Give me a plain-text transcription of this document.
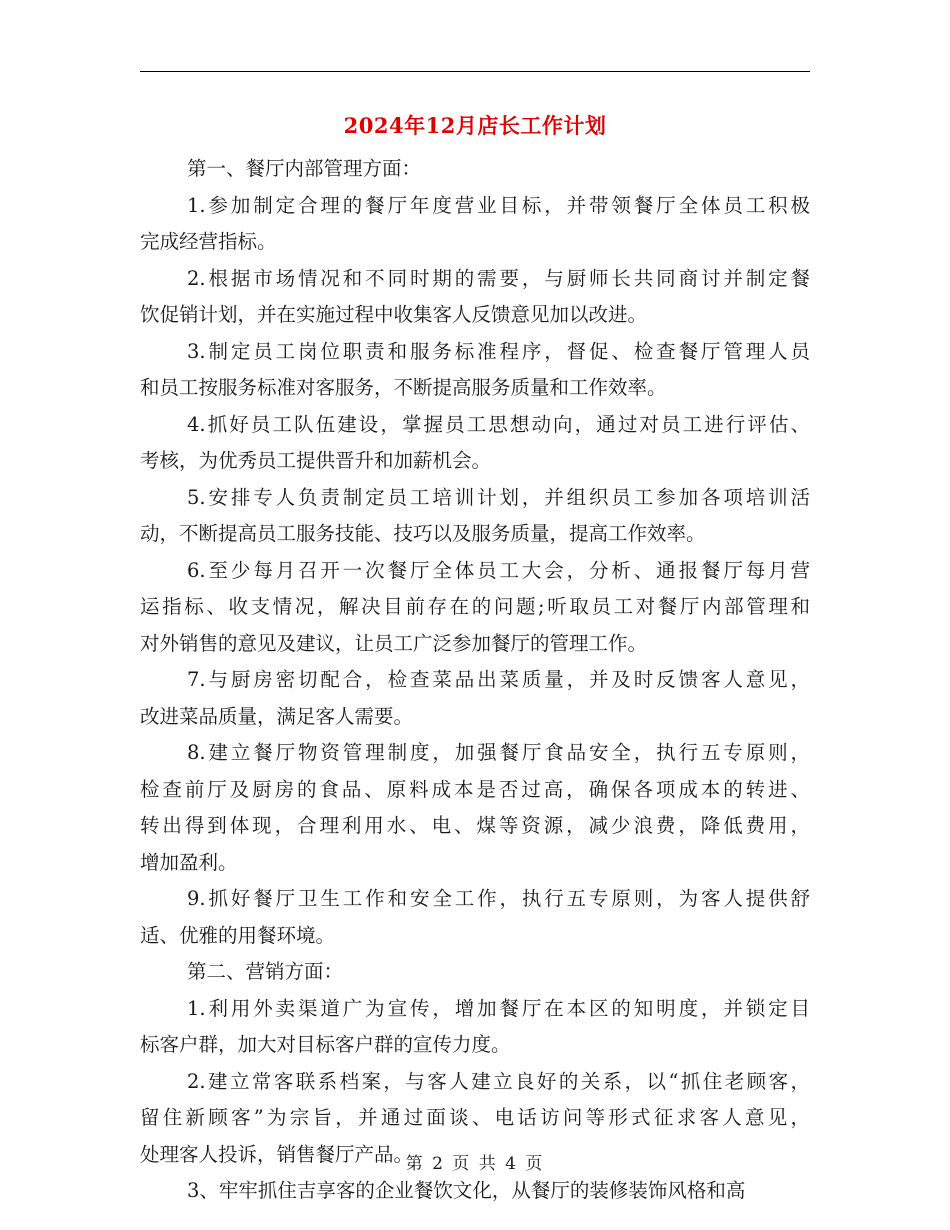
2024年12月店长工作计划
第一、餐厅内部管理方面：
1.参加制定合理的餐厅年度营业目标，并带领餐厅全体员工积极
完成经营指标。
2.根据市场情况和不同时期的需要，与厨师长共同商讨并制定餐
饮促销计划，并在实施过程中收集客人反馈意见加以改进。
3.制定员工岗位职责和服务标准程序，督促、检查餐厅管理人员
和员工按服务标准对客服务，不断提高服务质量和工作效率。
4.抓好员工队伍建设，掌握员工思想动向，通过对员工进行评估、
考核，为优秀员工提供晋升和加薪机会。
5.安排专人负责制定员工培训计划，并组织员工参加各项培训活
动，不断提高员工服务技能、技巧以及服务质量，提高工作效率。
6.至少每月召开一次餐厅全体员工大会，分析、通报餐厅每月营
运指标、收支情况，解决目前存在的问题;听取员工对餐厅内部管理和
对外销售的意见及建议，让员工广泛参加餐厅的管理工作。
7.与厨房密切配合，检查菜品出菜质量，并及时反馈客人意见，
改进菜品质量，满足客人需要。
8.建立餐厅物资管理制度，加强餐厅食品安全，执行五专原则，
检查前厅及厨房的食品、原料成本是否过高，确保各项成本的转进、
转出得到体现，合理利用水、电、煤等资源，减少浪费，降低费用，
增加盈利。
9.抓好餐厅卫生工作和安全工作，执行五专原则，为客人提供舒
适、优雅的用餐环境。
第二、营销方面：
1.利用外卖渠道广为宣传，增加餐厅在本区的知明度，并锁定目
标客户群，加大对目标客户群的宣传力度。
2.建立常客联系档案，与客人建立良好的关系，以“抓住老顾客，
留住新顾客”为宗旨，并通过面谈、电话访问等形式征求客人意见，
处理客人投诉，销售餐厅产品。
3、牢牢抓住吉享客的企业餐饮文化，从餐厅的装修装饰风格和高
第 2 页 共 4 页
